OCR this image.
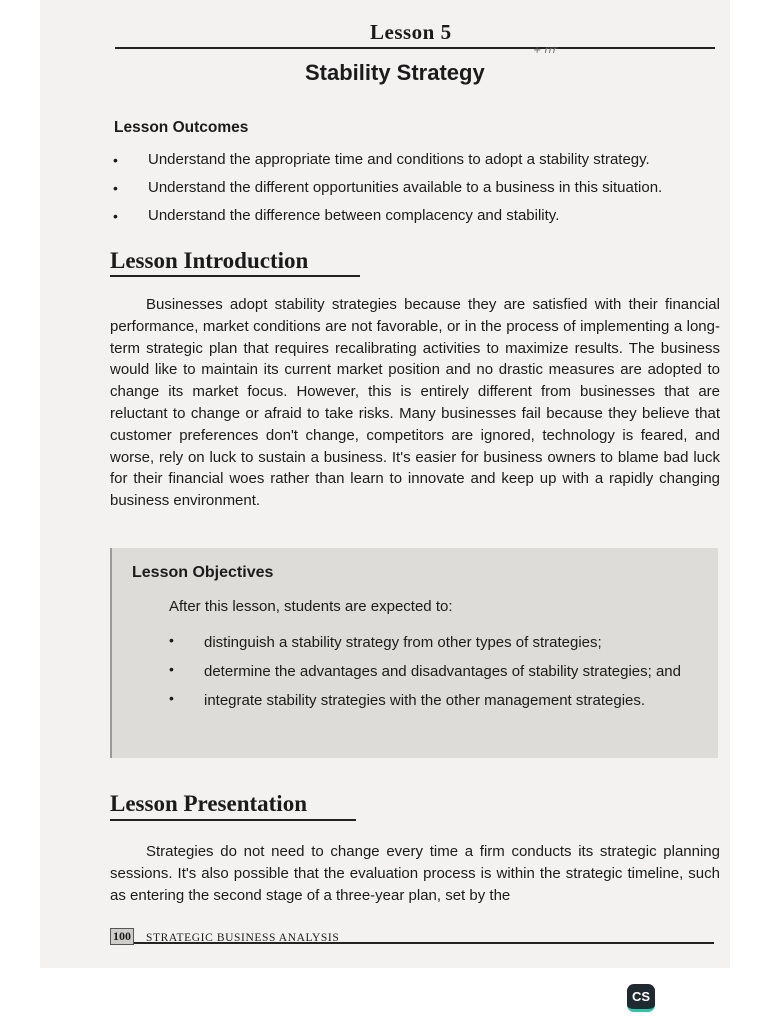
Lesson 5
Stability Strategy
+ rrr
Lesson Outcomes
• Understand the appropriate time and conditions to adopt a stability strategy.
• Understand the different opportunities available to a business in this situation.
• Understand the difference between complacency and stability.
Lesson Introduction
Businesses adopt stability strategies because they are satisfied with their financial performance, market conditions are not favorable, or in the process of implementing a long-term strategic plan that requires recalibrating activities to maximize results. The business would like to maintain its current market position and no drastic measures are adopted to change its market focus. However, this is entirely different from businesses that are reluctant to change or afraid to take risks. Many businesses fail because they believe that customer preferences don't change, competitors are ignored, technology is feared, and worse, rely on luck to sustain a business. It's easier for business owners to blame bad luck for their financial woes rather than learn to innovate and keep up with a rapidly changing business environment.
Lesson Objectives
After this lesson, students are expected to:
• distinguish a stability strategy from other types of strategies;
• determine the advantages and disadvantages of stability strategies; and
• integrate stability strategies with the other management strategies.
Lesson Presentation
Strategies do not need to change every time a firm conducts its strategic planning sessions. It's also possible that the evaluation process is within the strategic timeline, such as entering the second stage of a three-year plan, set by the
100 STRATEGIC BUSINESS ANALYSIS
CS
